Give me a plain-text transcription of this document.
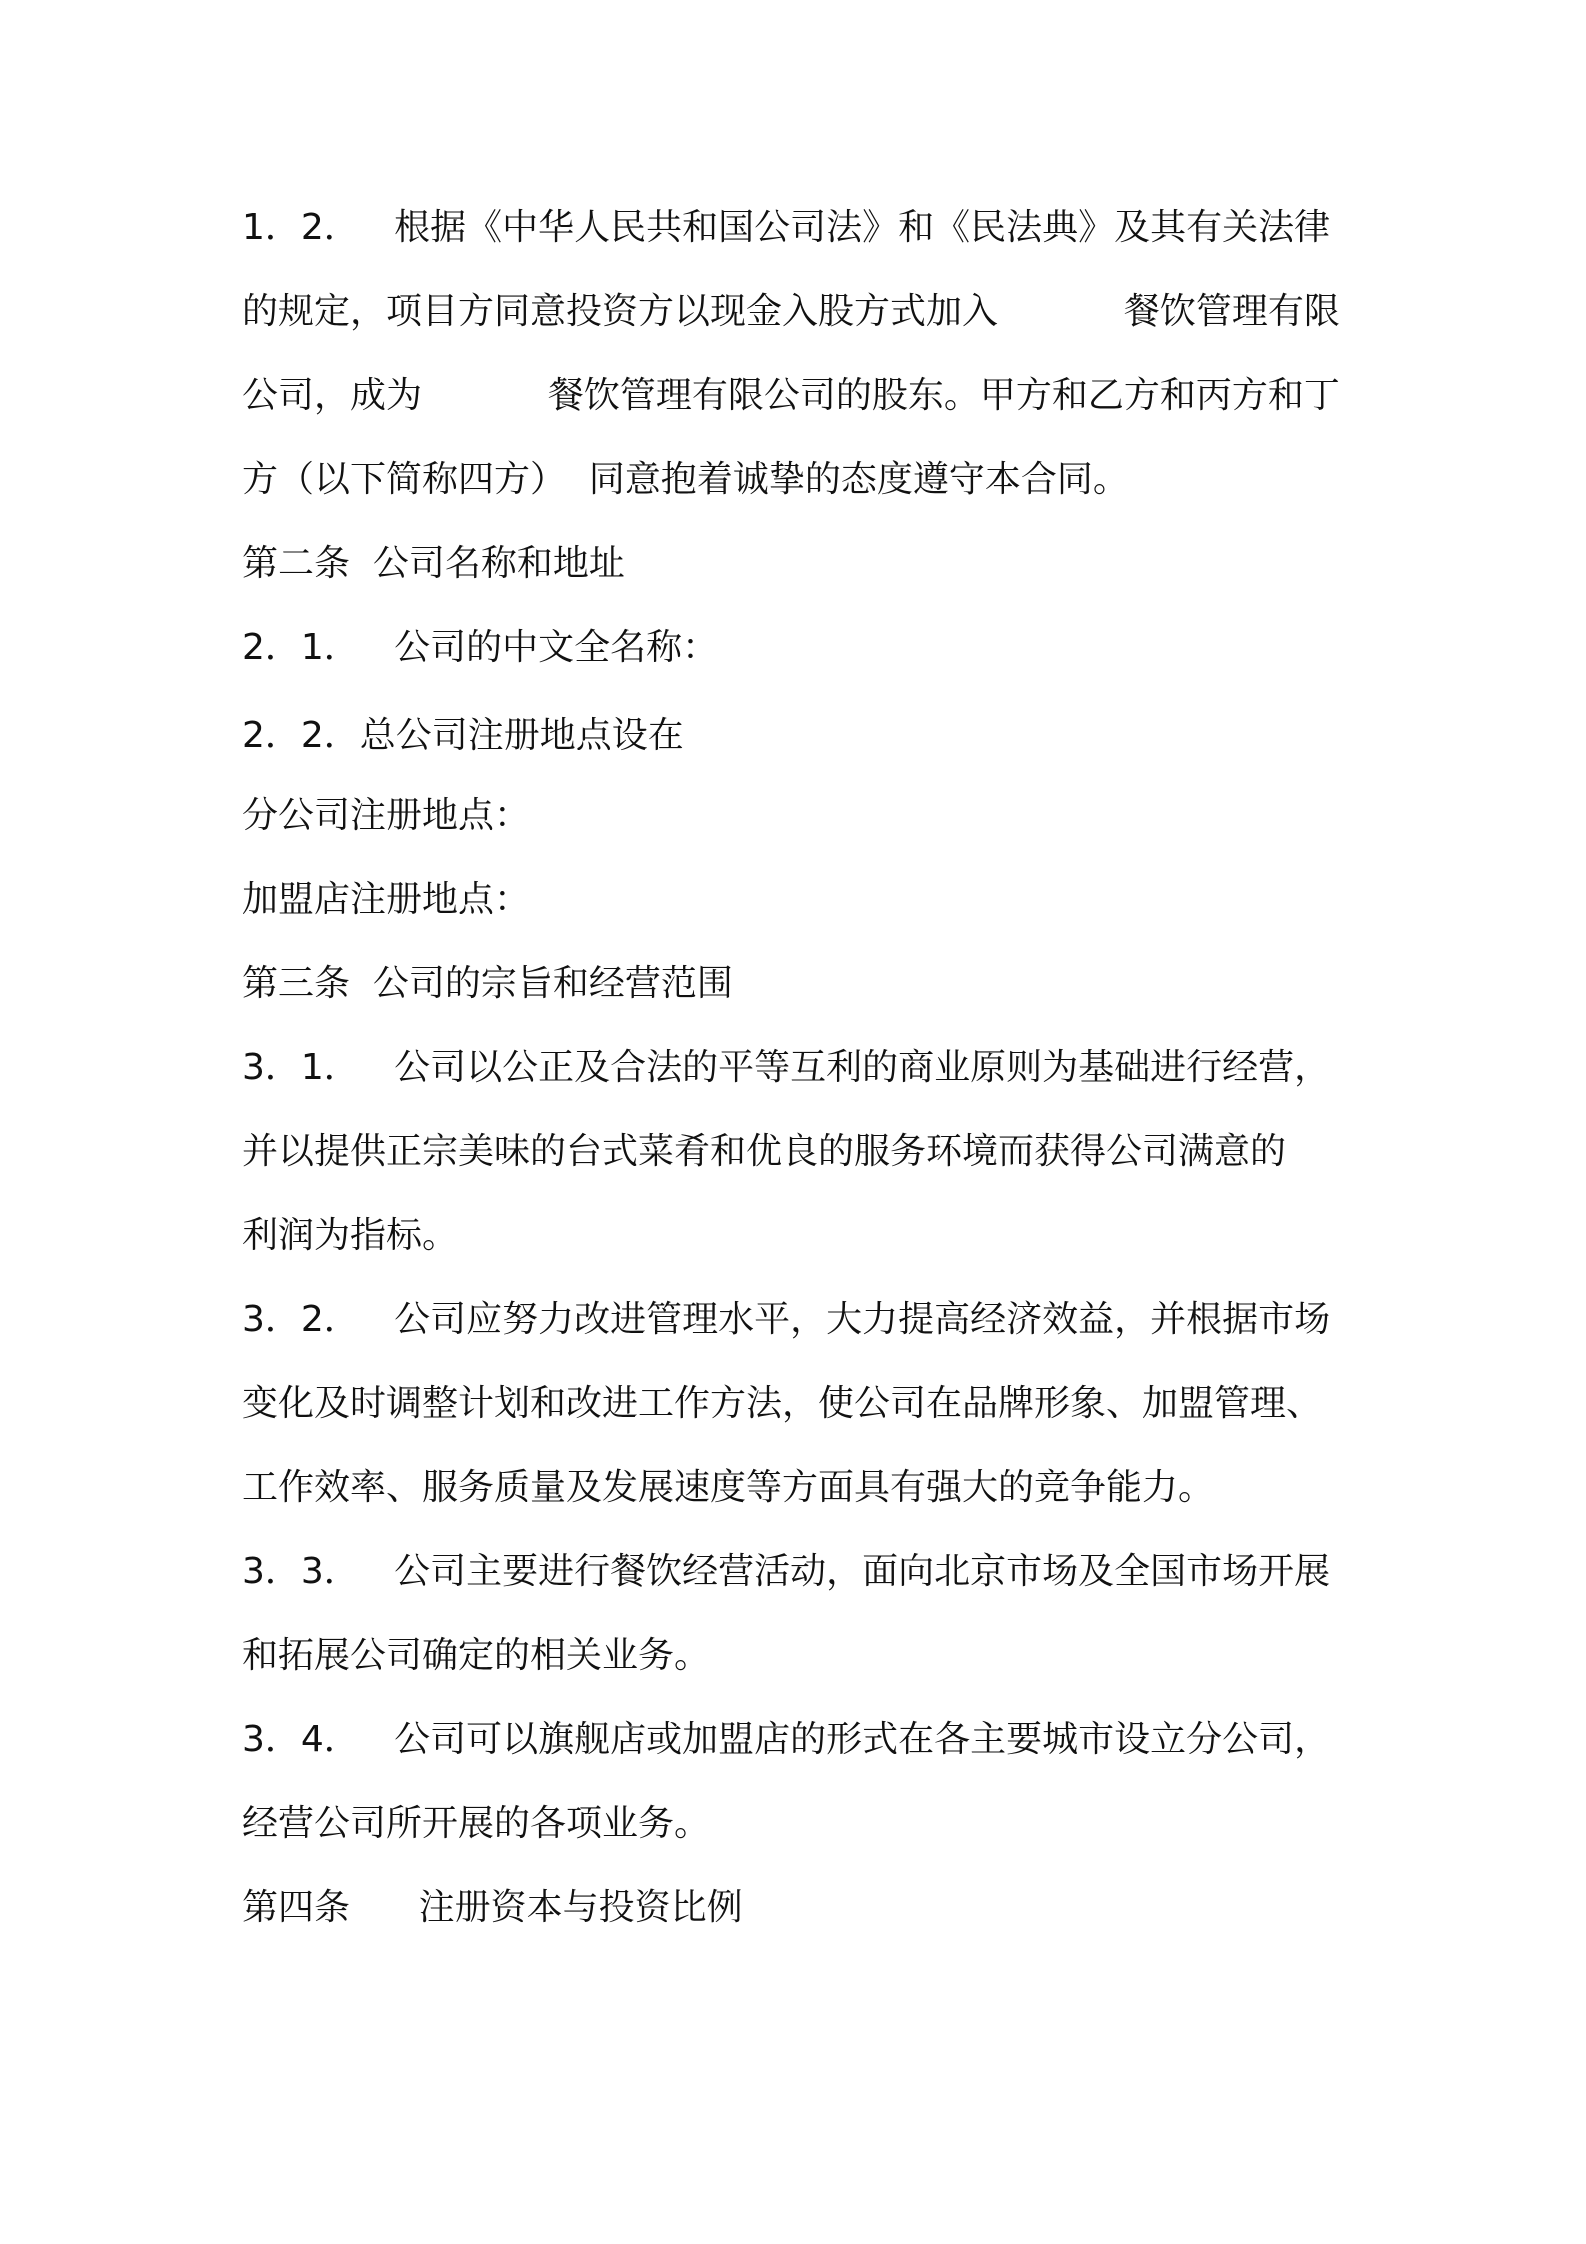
1．2．   根据《中华人民共和国公司法》和《民法典》及其有关法律
的规定，项目方同意投资方以现金入股方式加入           餐饮管理有限
公司，成为           餐饮管理有限公司的股东。甲方和乙方和丙方和丁
方（以下简称四方）  同意抱着诚挚的态度遵守本合同。
第二条  公司名称和地址
2．1．   公司的中文全名称：
2．2．总公司注册地点设在
分公司注册地点：
加盟店注册地点：
第三条  公司的宗旨和经营范围
3．1．   公司以公正及合法的平等互利的商业原则为基础进行经营，
并以提供正宗美味的台式菜肴和优良的服务环境而获得公司满意的
利润为指标。
3．2．   公司应努力改进管理水平，大力提高经济效益，并根据市场
变化及时调整计划和改进工作方法，使公司在品牌形象、加盟管理、
工作效率、服务质量及发展速度等方面具有强大的竞争能力。
3．3．   公司主要进行餐饮经营活动，面向北京市场及全国市场开展
和拓展公司确定的相关业务。
3．4．   公司可以旗舰店或加盟店的形式在各主要城市设立分公司，
经营公司所开展的各项业务。
第四条      注册资本与投资比例
